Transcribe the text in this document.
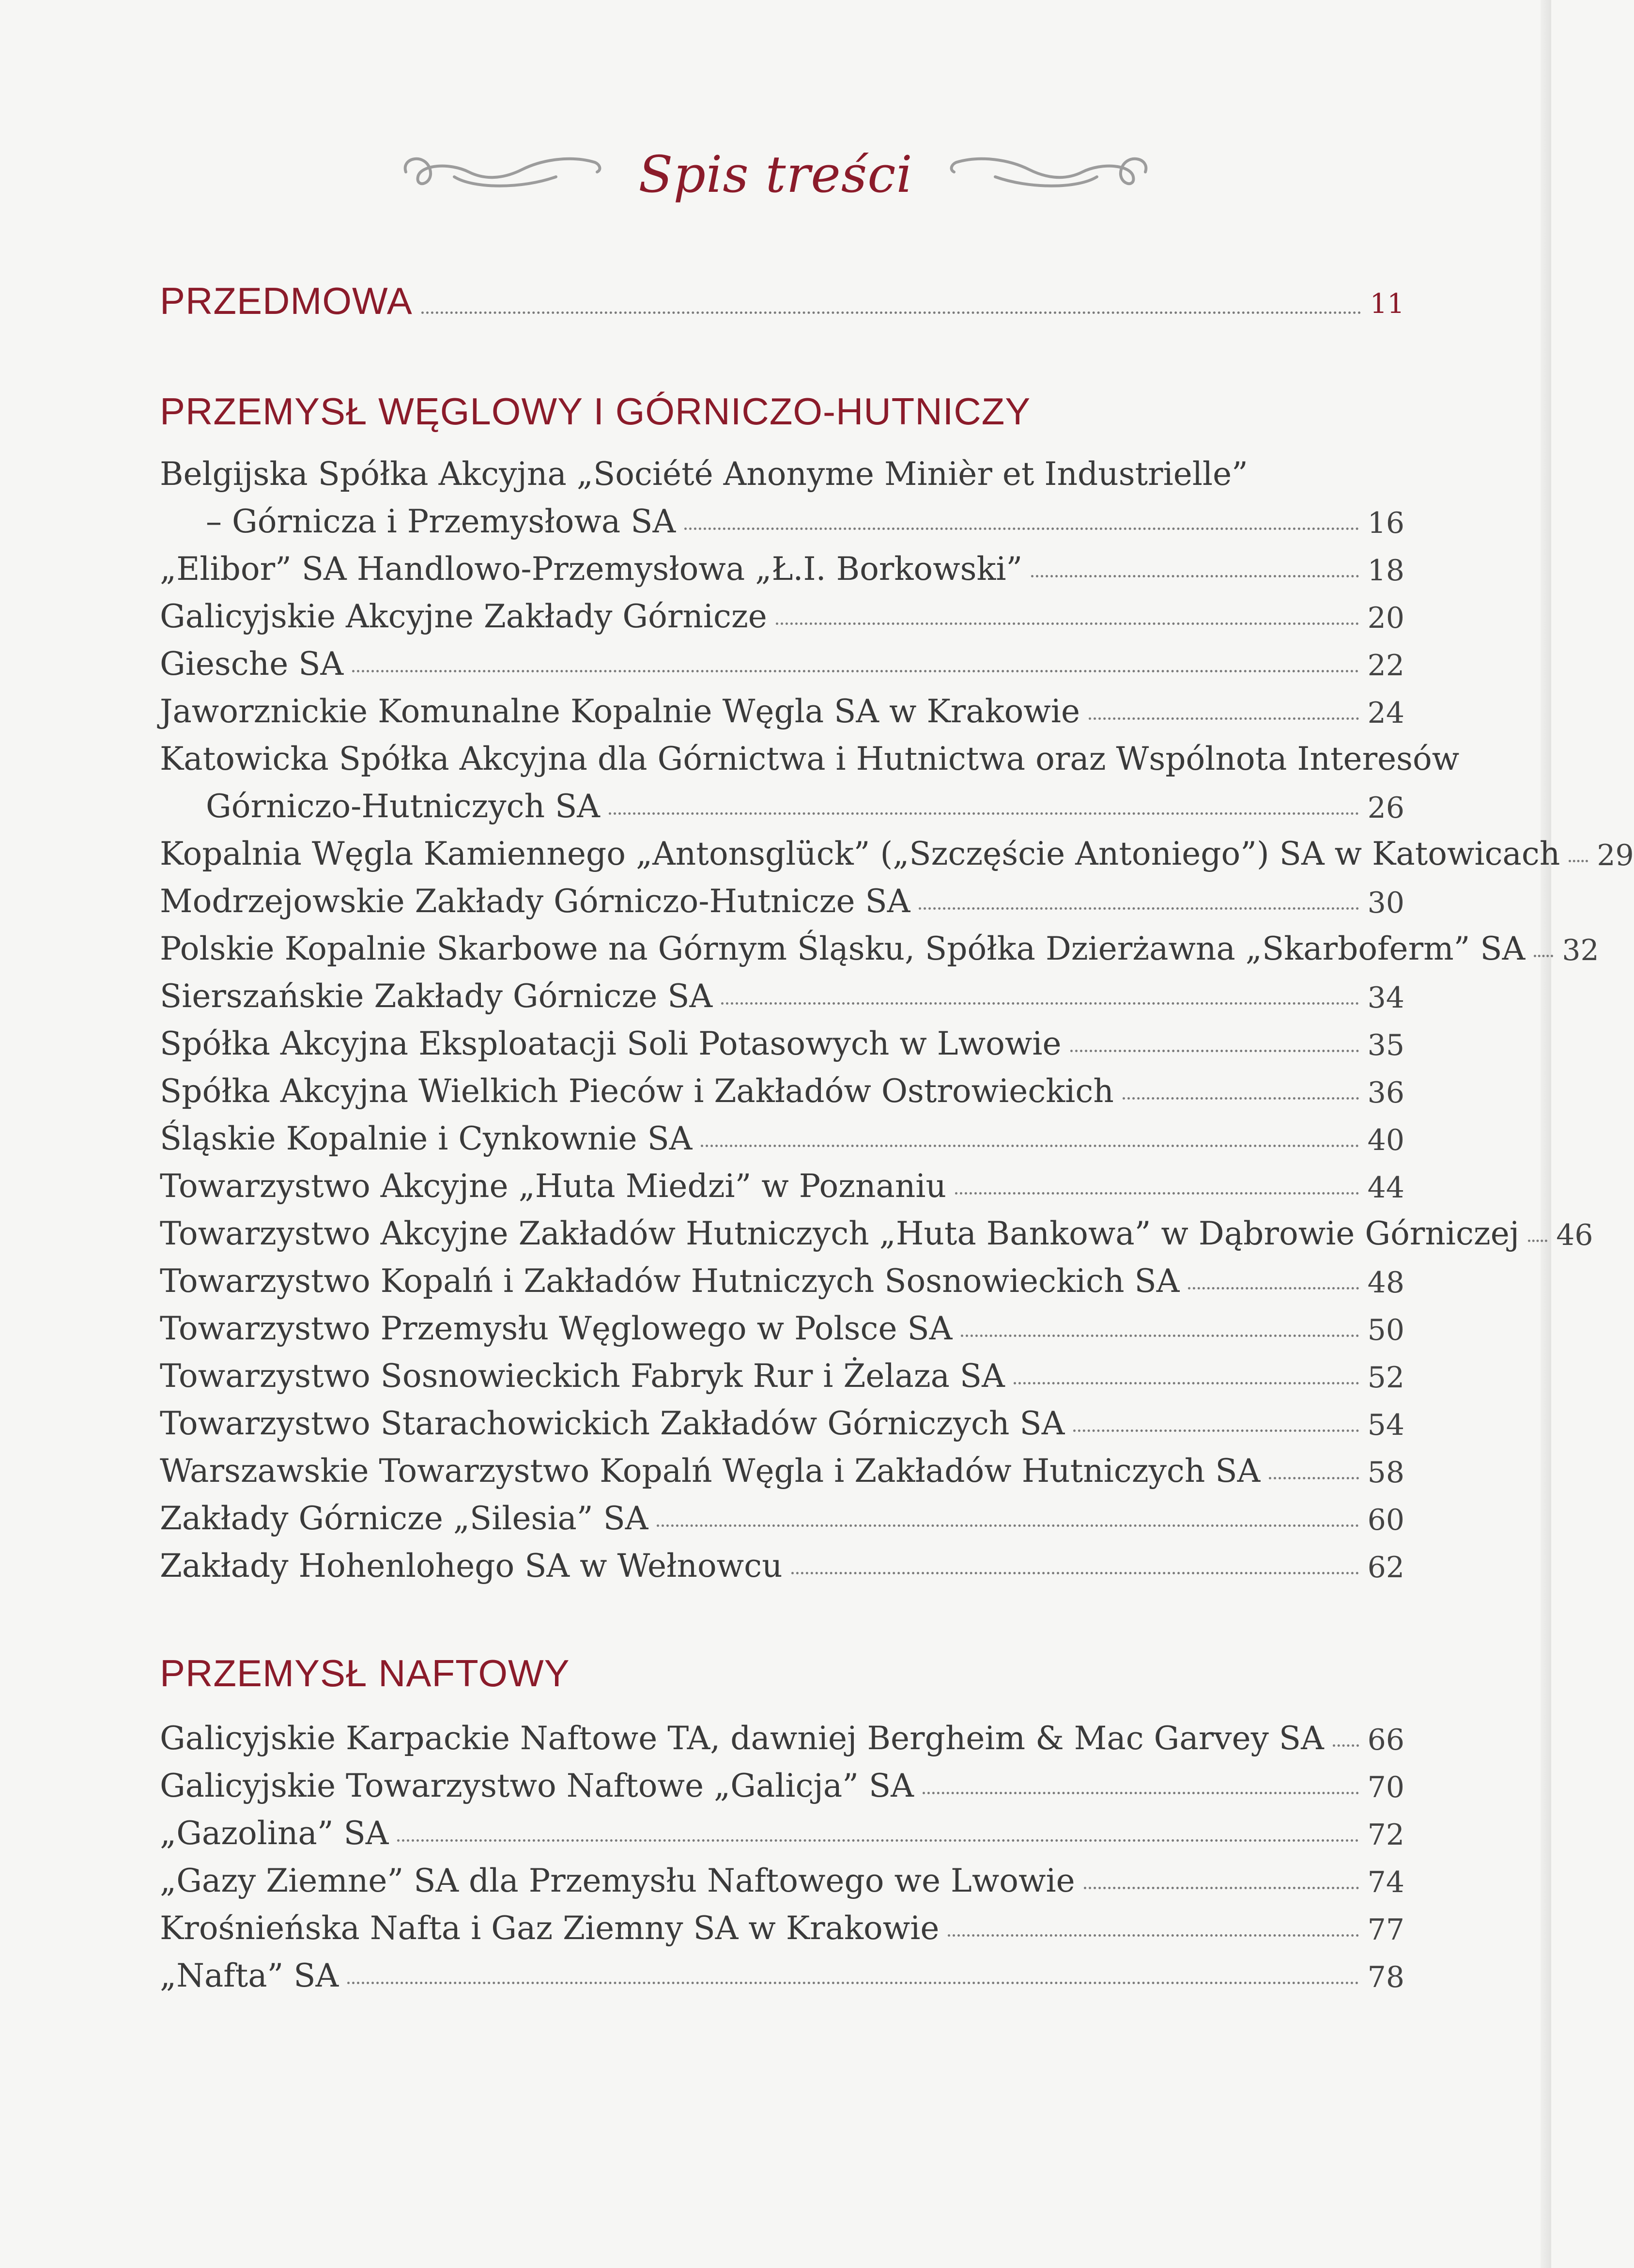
Spis treści
PRZEDMOWA	11
PRZEMYSŁ WĘGLOWY I GÓRNICZO-HUTNICZY
Belgijska Spółka Akcyjna „Société Anonyme Minièr et Industrielle”
– Górnicza i Przemysłowa SA	16
„Elibor” SA Handlowo-Przemysłowa „Ł.I. Borkowski”	18
Galicyjskie Akcyjne Zakłady Górnicze	20
Giesche SA	22
Jaworznickie Komunalne Kopalnie Węgla SA w Krakowie	24
Katowicka Spółka Akcyjna dla Górnictwa i Hutnictwa oraz Wspólnota Interesów
Górniczo-Hutniczych SA	26
Kopalnia Węgla Kamiennego „Antonsglück” („Szczęście Antoniego”) SA w Katowicach 29
Modrzejowskie Zakłady Górniczo-Hutnicze SA	30
Polskie Kopalnie Skarbowe na Górnym Śląsku, Spółka Dzierżawna „Skarboferm” SA 32
Sierszańskie Zakłady Górnicze SA	34
Spółka Akcyjna Eksploatacji Soli Potasowych w Lwowie	35
Spółka Akcyjna Wielkich Pieców i Zakładów Ostrowieckich	36
Śląskie Kopalnie i Cynkownie SA	40
Towarzystwo Akcyjne „Huta Miedzi” w Poznaniu	44
Towarzystwo Akcyjne Zakładów Hutniczych „Huta Bankowa” w Dąbrowie Górniczej 46
Towarzystwo Kopalń i Zakładów Hutniczych Sosnowieckich SA	48
Towarzystwo Przemysłu Węglowego w Polsce SA	50
Towarzystwo Sosnowieckich Fabryk Rur i Żelaza SA	52
Towarzystwo Starachowickich Zakładów Górniczych SA	54
Warszawskie Towarzystwo Kopalń Węgla i Zakładów Hutniczych SA	58
Zakłady Górnicze „Silesia” SA	60
Zakłady Hohenlohego SA w Wełnowcu	62
PRZEMYSŁ NAFTOWY
Galicyjskie Karpackie Naftowe TA, dawniej Bergheim & Mac Garvey SA 66
Galicyjskie Towarzystwo Naftowe „Galicja” SA	70
„Gazolina” SA	72
„Gazy Ziemne” SA dla Przemysłu Naftowego we Lwowie	74
Krośnieńska Nafta i Gaz Ziemny SA w Krakowie	77
„Nafta” SA	78
